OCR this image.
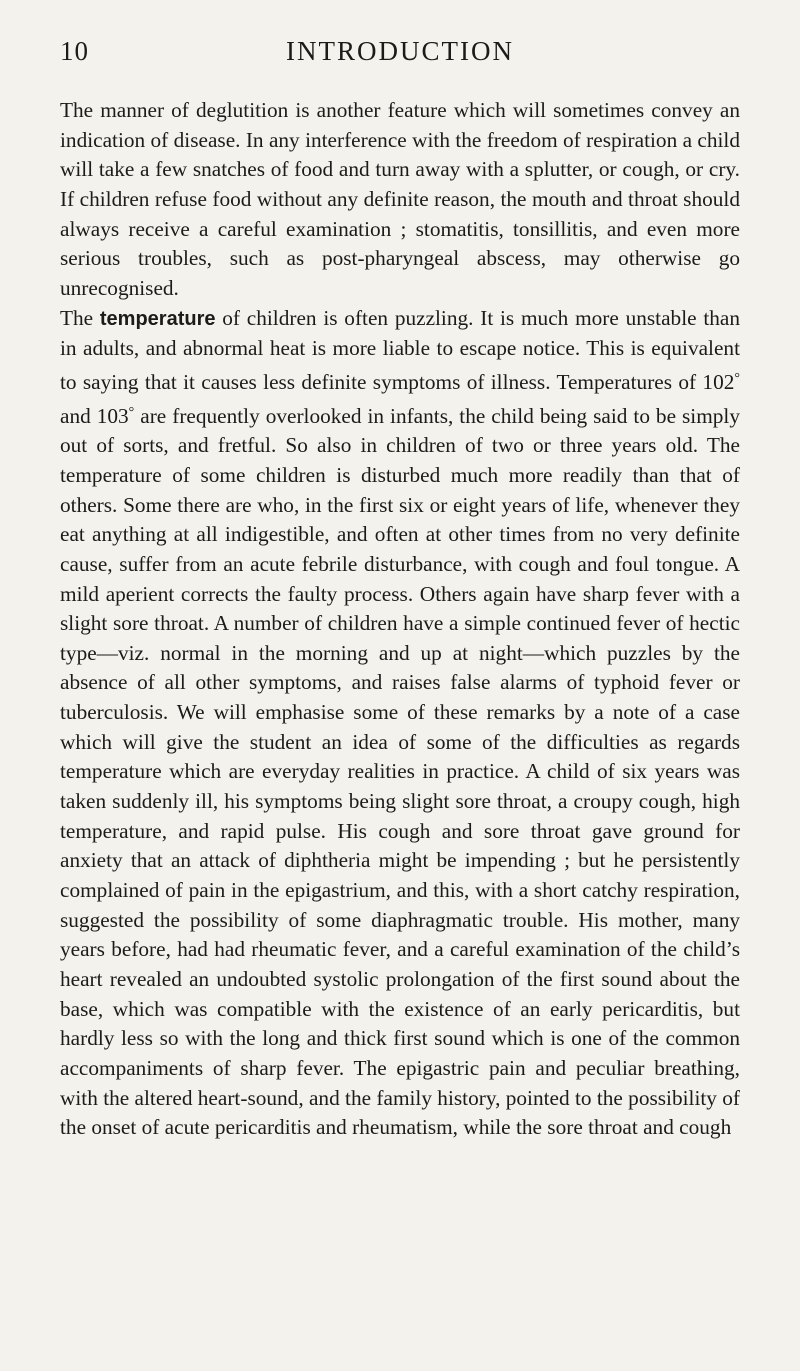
10	INTRODUCTION

The manner of deglutition is another feature which will sometimes convey an indication of disease. In any interference with the freedom of respiration a child will take a few snatches of food and turn away with a splutter, or cough, or cry. If children refuse food without any definite reason, the mouth and throat should always receive a careful examination ; stomatitis, tonsillitis, and even more serious troubles, such as post-pharyngeal abscess, may otherwise go unrecognised.

The temperature of children is often puzzling. It is much more unstable than in adults, and abnormal heat is more liable to escape notice. This is equivalent to saying that it causes less definite symptoms of illness. Temperatures of 102° and 103° are frequently overlooked in infants, the child being said to be simply out of sorts, and fretful. So also in children of two or three years old. The temperature of some children is disturbed much more readily than that of others. Some there are who, in the first six or eight years of life, whenever they eat anything at all indigestible, and often at other times from no very definite cause, suffer from an acute febrile disturbance, with cough and foul tongue. A mild aperient corrects the faulty process. Others again have sharp fever with a slight sore throat. A number of children have a simple continued fever of hectic type—viz. normal in the morning and up at night—which puzzles by the absence of all other symptoms, and raises false alarms of typhoid fever or tuberculosis. We will emphasise some of these remarks by a note of a case which will give the student an idea of some of the difficulties as regards temperature which are everyday realities in practice. A child of six years was taken suddenly ill, his symptoms being slight sore throat, a croupy cough, high temperature, and rapid pulse. His cough and sore throat gave ground for anxiety that an attack of diphtheria might be impending ; but he persistently complained of pain in the epigastrium, and this, with a short catchy respiration, suggested the possibility of some diaphragmatic trouble. His mother, many years before, had had rheumatic fever, and a careful examination of the child’s heart revealed an undoubted systolic prolongation of the first sound about the base, which was compatible with the existence of an early pericarditis, but hardly less so with the long and thick first sound which is one of the common accompaniments of sharp fever. The epigastric pain and peculiar breathing, with the altered heart-sound, and the family history, pointed to the possibility of the onset of acute pericarditis and rheumatism, while the sore throat and cough
